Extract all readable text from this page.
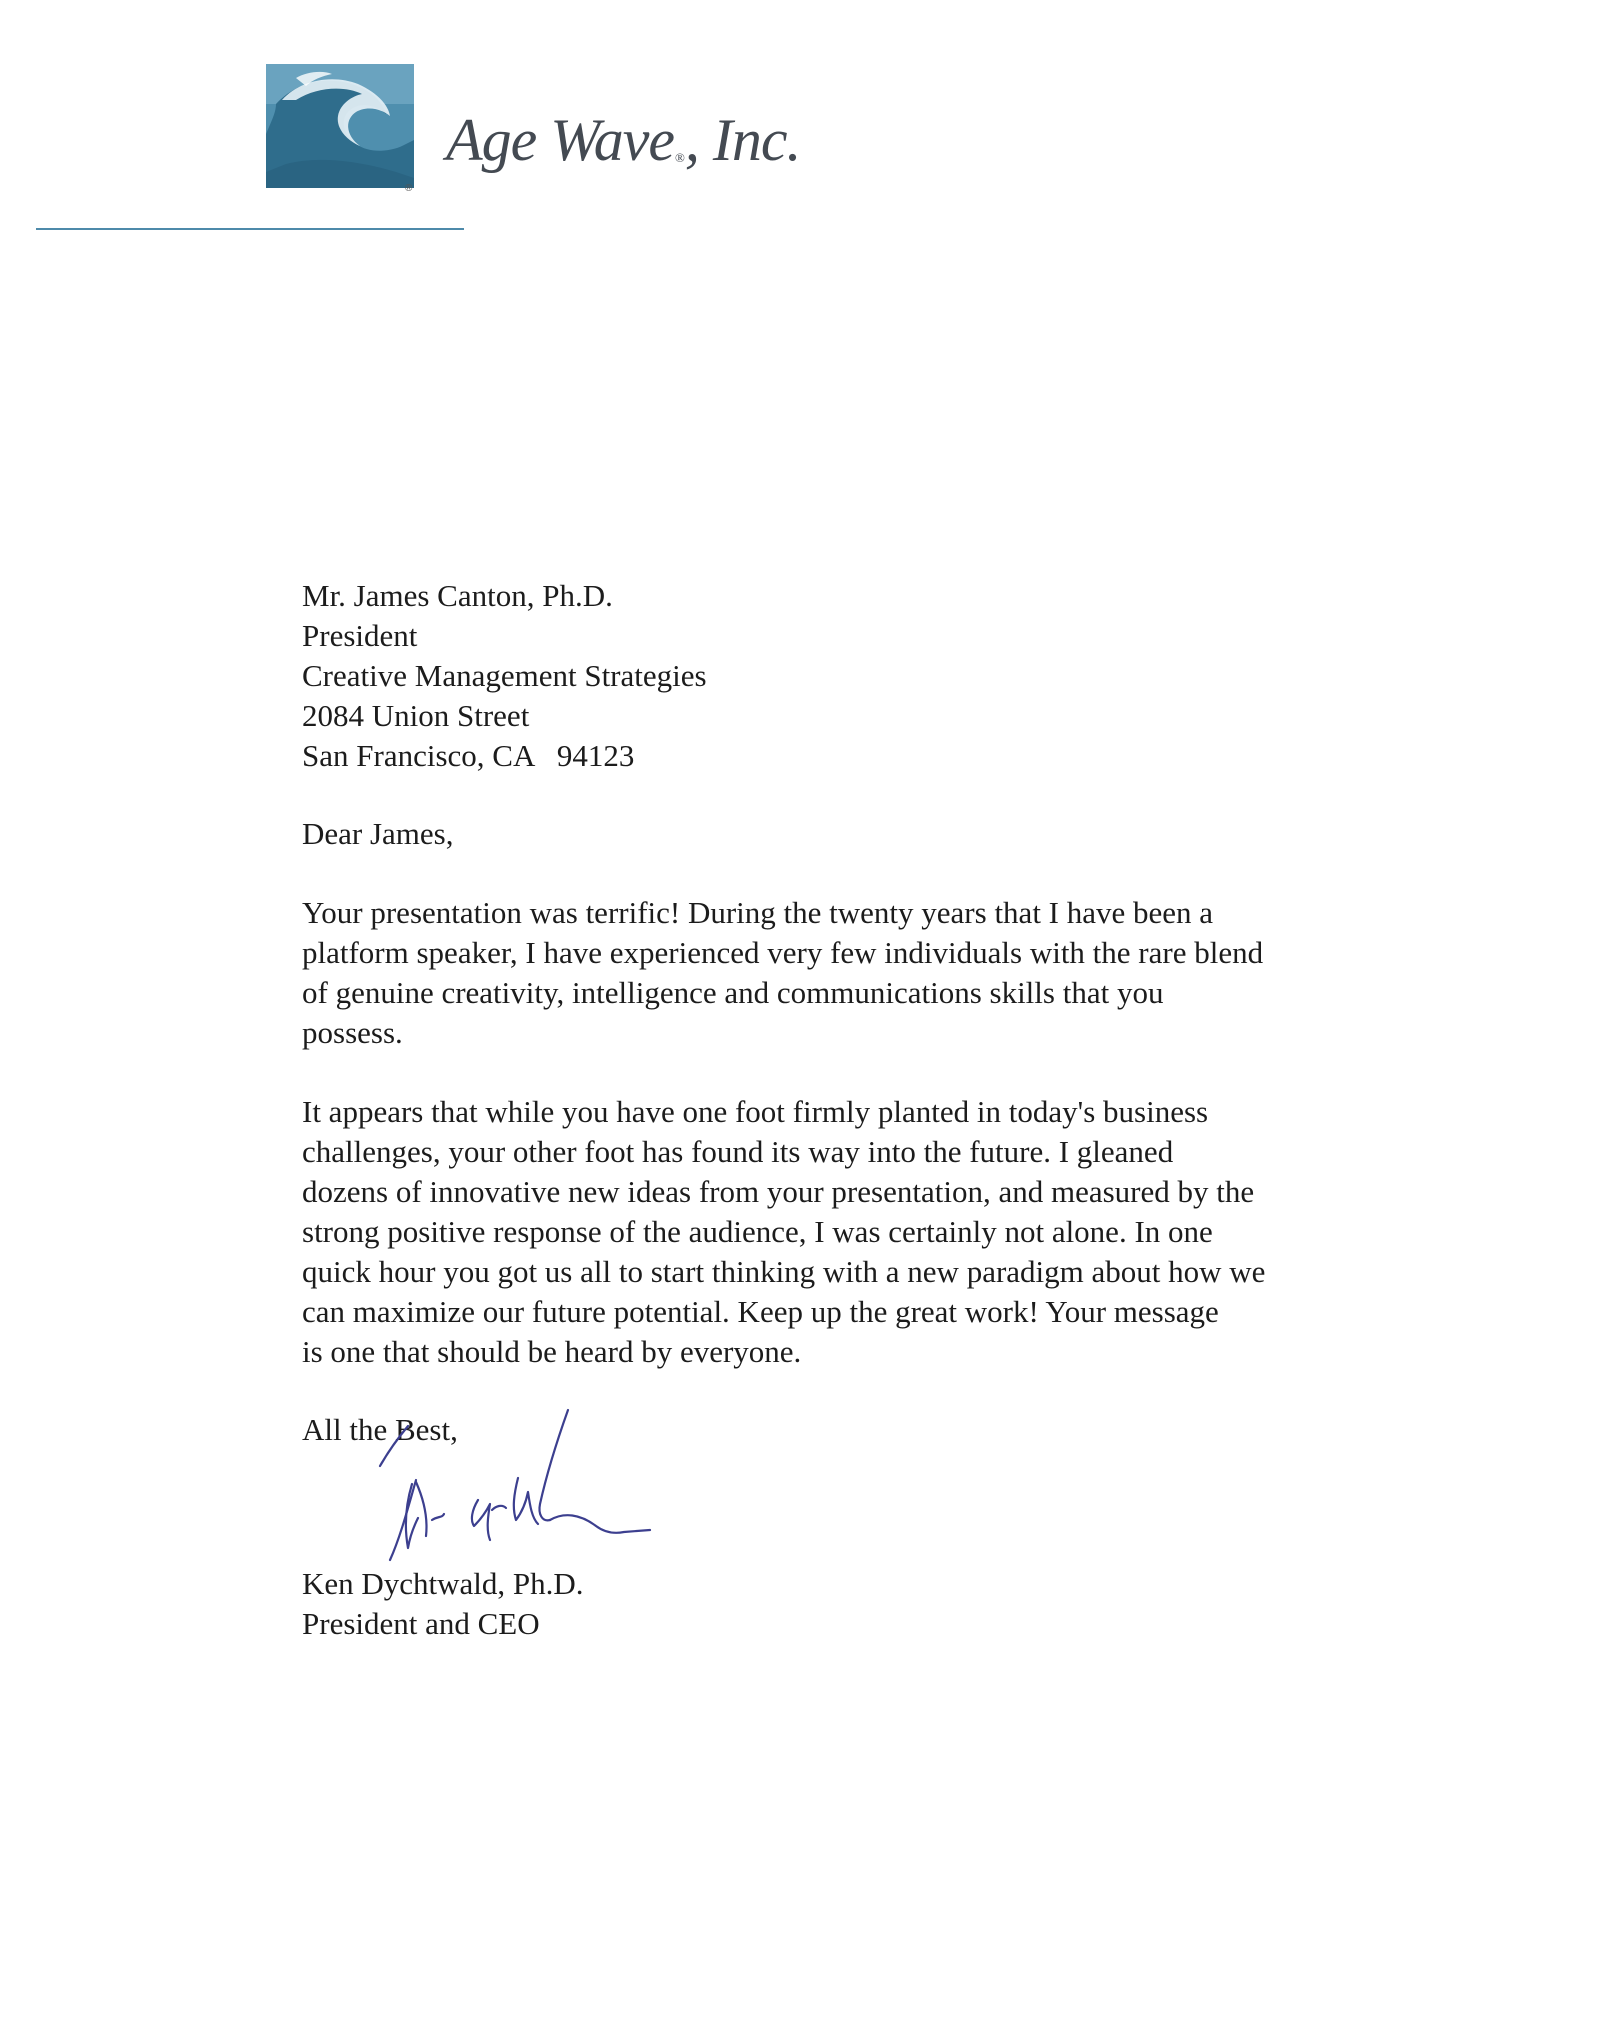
®
Age Wave®, Inc.

Mr. James Canton, Ph.D.

President

Creative Management Strategies

2084 Union Street

San Francisco, CA   94123

Dear James,

Your presentation was terrific! During the twenty years that I have been a
platform speaker, I have experienced very few individuals with the rare blend
of genuine creativity, intelligence and communications skills that you
possess.

It appears that while you have one foot firmly planted in today's business
challenges, your other foot has found its way into the future. I gleaned
dozens of innovative new ideas from your presentation, and measured by the
strong positive response of the audience, I was certainly not alone. In one
quick hour you got us all to start thinking with a new paradigm about how we
can maximize our future potential. Keep up the great work! Your message
is one that should be heard by everyone.

All the Best,

Ken Dychtwald, Ph.D.

President and CEO
